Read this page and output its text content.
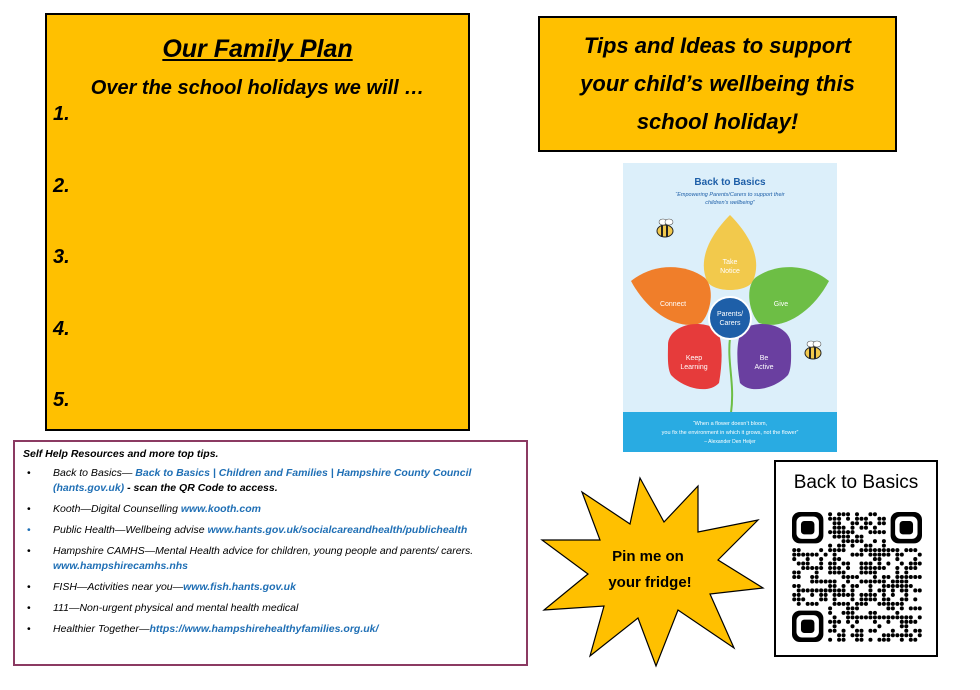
Our Family Plan
Over the school holidays we will …
1.
2.
3.
4.
5.
Tips and Ideas to support
your child’s wellbeing this
school holiday!
Back to Basics
“Empowering Parents/Carers to support their
children’s wellbeing”
Parents/
Carers
Take
Notice
Connect	Give
Keep
Learning
Be
Active
“When a flower doesn’t bloom,
you fix the environment in which it grows, not the flower”
– Alexander Den Heijer
Self Help Resources and more top tips.
• Back to Basics— Back to Basics | Children and Families | Hampshire County Council (hants.gov.uk) - scan the QR Code to access.
• Kooth—Digital Counselling www.kooth.com
• Public Health—Wellbeing advise www.hants.gov.uk/socialcareandhealth/publichealth
• Hampshire CAMHS—Mental Health advice for children, young people and parents/ carers. www.hampshirecamhs.nhs
• FISH—Activities near you—www.fish.hants.gov.uk
• 111—Non-urgent physical and mental health medical
• Healthier Together—https://www.hampshirehealthyfamilies.org.uk/
Pin me on
your fridge!
Back to Basics
